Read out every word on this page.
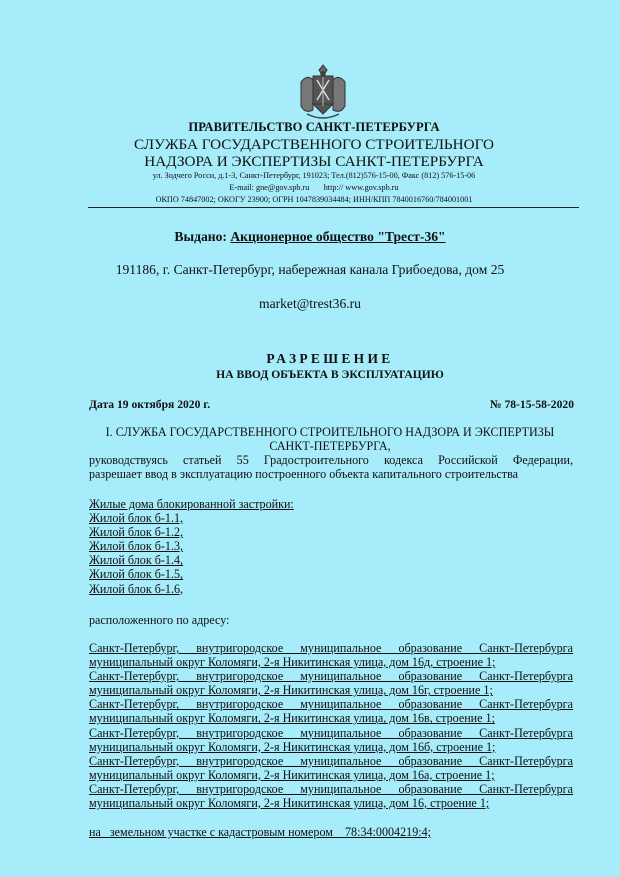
ПРАВИТЕЛЬСТВО САНКТ-ПЕТЕРБУРГА
СЛУЖБА ГОСУДАРСТВЕННОГО СТРОИТЕЛЬНОГО
НАДЗОРА И ЭКСПЕРТИЗЫ САНКТ-ПЕТЕРБУРГА
ул. Зодчего Росси, д.1-3, Санкт-Петербург, 191023; Тел.(812)576-15-00, Факс (812) 576-15-06
E-mail: gne@gov.spb.ru       http:// www.gov.spb.ru
ОКПО 74847002; ОКОГУ 23900; ОГРН 1047839034484; ИНН/КПП 7840016760/784001001
Выдано: Акционерное общество "Трест-36"
191186, г. Санкт-Петербург, набережная канала Грибоедова, дом 25
market@trest36.ru
РАЗРЕШЕНИЕ
НА ВВОД ОБЪЕКТА В ЭКСПЛУАТАЦИЮ
Дата 19 октября 2020 г.	№ 78-15-58-2020
I. СЛУЖБА ГОСУДАРСТВЕННОГО СТРОИТЕЛЬНОГО НАДЗОРА И ЭКСПЕРТИЗЫ
САНКТ-ПЕТЕРБУРГА,
руководствуясь статьей 55 Градостроительного кодекса Российской Федерации,
разрешает ввод в эксплуатацию построенного объекта капитального строительства
Жилые дома блокированной застройки:
Жилой блок б-1.1,
Жилой блок б-1.2,
Жилой блок б-1.3,
Жилой блок б-1.4,
Жилой блок б-1.5,
Жилой блок б-1.6,
расположенного по адресу:
Санкт-Петербург, внутригородское муниципальное образование Санкт-Петербурга
муниципальный округ Коломяги, 2-я Никитинская улица, дом 16д, строение 1;
Санкт-Петербург, внутригородское муниципальное образование Санкт-Петербурга
муниципальный округ Коломяги, 2-я Никитинская улица, дом 16г, строение 1;
Санкт-Петербург, внутригородское муниципальное образование Санкт-Петербурга
муниципальный округ Коломяги, 2-я Никитинская улица, дом 16в, строение 1;
Санкт-Петербург, внутригородское муниципальное образование Санкт-Петербурга
муниципальный округ Коломяги, 2-я Никитинская улица, дом 16б, строение 1;
Санкт-Петербург, внутригородское муниципальное образование Санкт-Петербурга
муниципальный округ Коломяги, 2-я Никитинская улица, дом 16а, строение 1;
Санкт-Петербург, внутригородское муниципальное образование Санкт-Петербурга
муниципальный округ Коломяги, 2-я Никитинская улица, дом 16, строение 1;
на   земельном участке с кадастровым номером    78:34:0004219:4;
